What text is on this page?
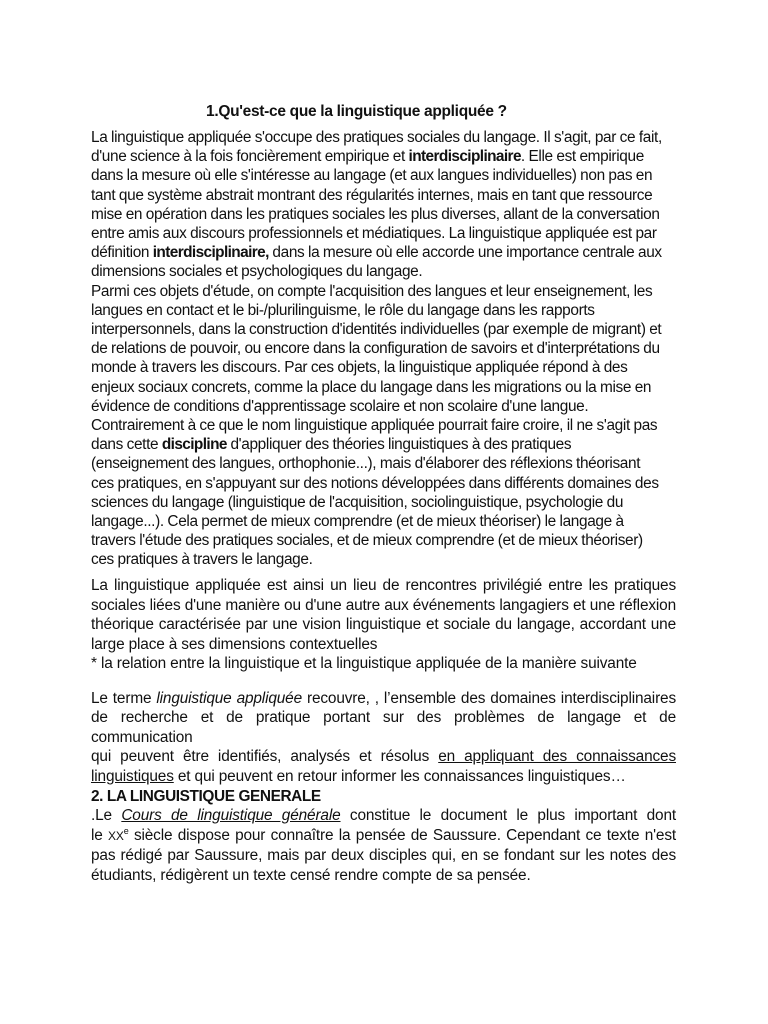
1.Qu'est-ce que la linguistique appliquée ?
La linguistique appliquée s'occupe des pratiques sociales du langage. Il s'agit, par ce fait,
d'une science à la fois foncièrement empirique et interdisciplinaire. Elle est empirique
dans la mesure où elle s'intéresse au langage (et aux langues individuelles) non pas en
tant que système abstrait montrant des régularités internes, mais en tant que ressource
mise en opération dans les pratiques sociales les plus diverses, allant de la conversation
entre amis aux discours professionnels et médiatiques. La linguistique appliquée est par
définition interdisciplinaire, dans la mesure où elle accorde une importance centrale aux
dimensions sociales et psychologiques du langage.
Parmi ces objets d'étude, on compte l'acquisition des langues et leur enseignement, les
langues en contact et le bi-/plurilinguisme, le rôle du langage dans les rapports
interpersonnels, dans la construction d'identités individuelles (par exemple de migrant) et
de relations de pouvoir, ou encore dans la configuration de savoirs et d'interprétations du
monde à travers les discours. Par ces objets, la linguistique appliquée répond à des
enjeux sociaux concrets, comme la place du langage dans les migrations ou la mise en
évidence de conditions d'apprentissage scolaire et non scolaire d'une langue.
Contrairement à ce que le nom linguistique appliquée pourrait faire croire, il ne s'agit pas
dans cette discipline d'appliquer des théories linguistiques à des pratiques
(enseignement des langues, orthophonie...), mais d'élaborer des réflexions théorisant
ces pratiques, en s'appuyant sur des notions développées dans différents domaines des
sciences du langage (linguistique de l'acquisition, sociolinguistique, psychologie du
langage...). Cela permet de mieux comprendre (et de mieux théoriser) le langage à
travers l'étude des pratiques sociales, et de mieux comprendre (et de mieux théoriser)
ces pratiques à travers le langage.
La linguistique appliquée est ainsi un lieu de rencontres privilégié entre les pratiques
sociales liées d'une manière ou d'une autre aux événements langagiers et une réflexion
théorique caractérisée par une vision linguistique et sociale du langage, accordant une
large place à ses dimensions contextuelles
* la relation entre la linguistique et la linguistique appliquée de la manière suivante
Le terme linguistique appliquée recouvre, , l’ensemble des domaines interdisciplinaires
de recherche et de pratique portant sur des problèmes de langage et de communication
qui peuvent être identifiés, analysés et résolus en appliquant des connaissances
linguistiques et qui peuvent en retour informer les connaissances linguistiques…
2. LA LINGUISTIQUE GENERALE
.Le Cours de linguistique générale constitue le document le plus important dont
le XXe siècle dispose pour connaître la pensée de Saussure. Cependant ce texte n'est
pas rédigé par Saussure, mais par deux disciples qui, en se fondant sur les notes des
étudiants, rédigèrent un texte censé rendre compte de sa pensée.
